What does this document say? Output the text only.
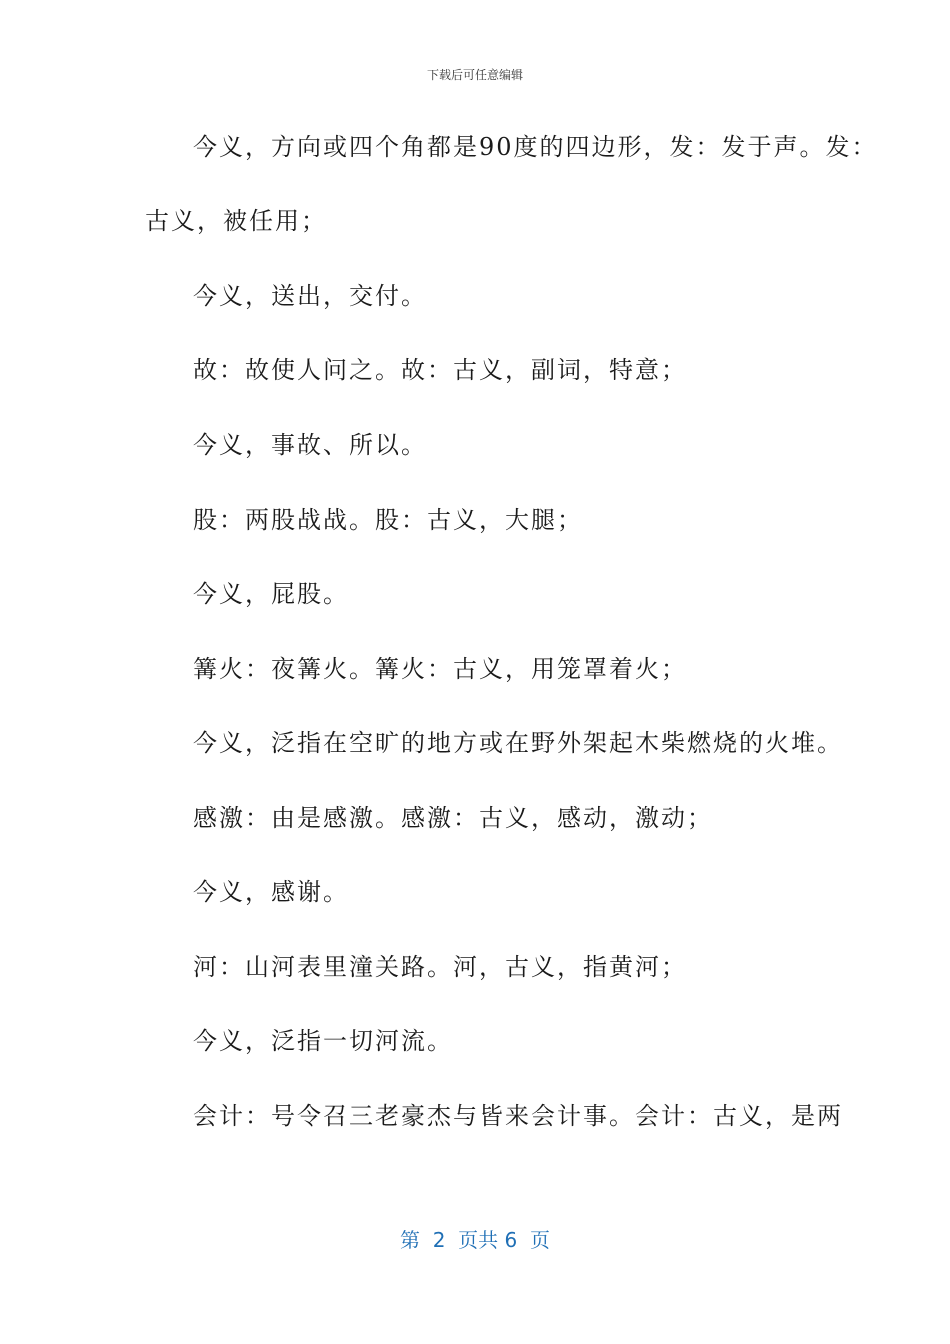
下载后可任意编辑
今义，方向或四个角都是90度的四边形，发：发于声。发：
古义，被任用；
今义，送出，交付。
故：故使人问之。故：古义，副词，特意；
今义，事故、所以。
股：两股战战。股：古义，大腿；
今义，屁股。
篝火：夜篝火。篝火：古义，用笼罩着火；
今义，泛指在空旷的地方或在野外架起木柴燃烧的火堆。
感激：由是感激。感激：古义，感动，激动；
今义，感谢。
河：山河表里潼关路。河，古义，指黄河；
今义，泛指一切河流。
会计：号令召三老豪杰与皆来会计事。会计：古义，是两
第  2  页共 6  页
